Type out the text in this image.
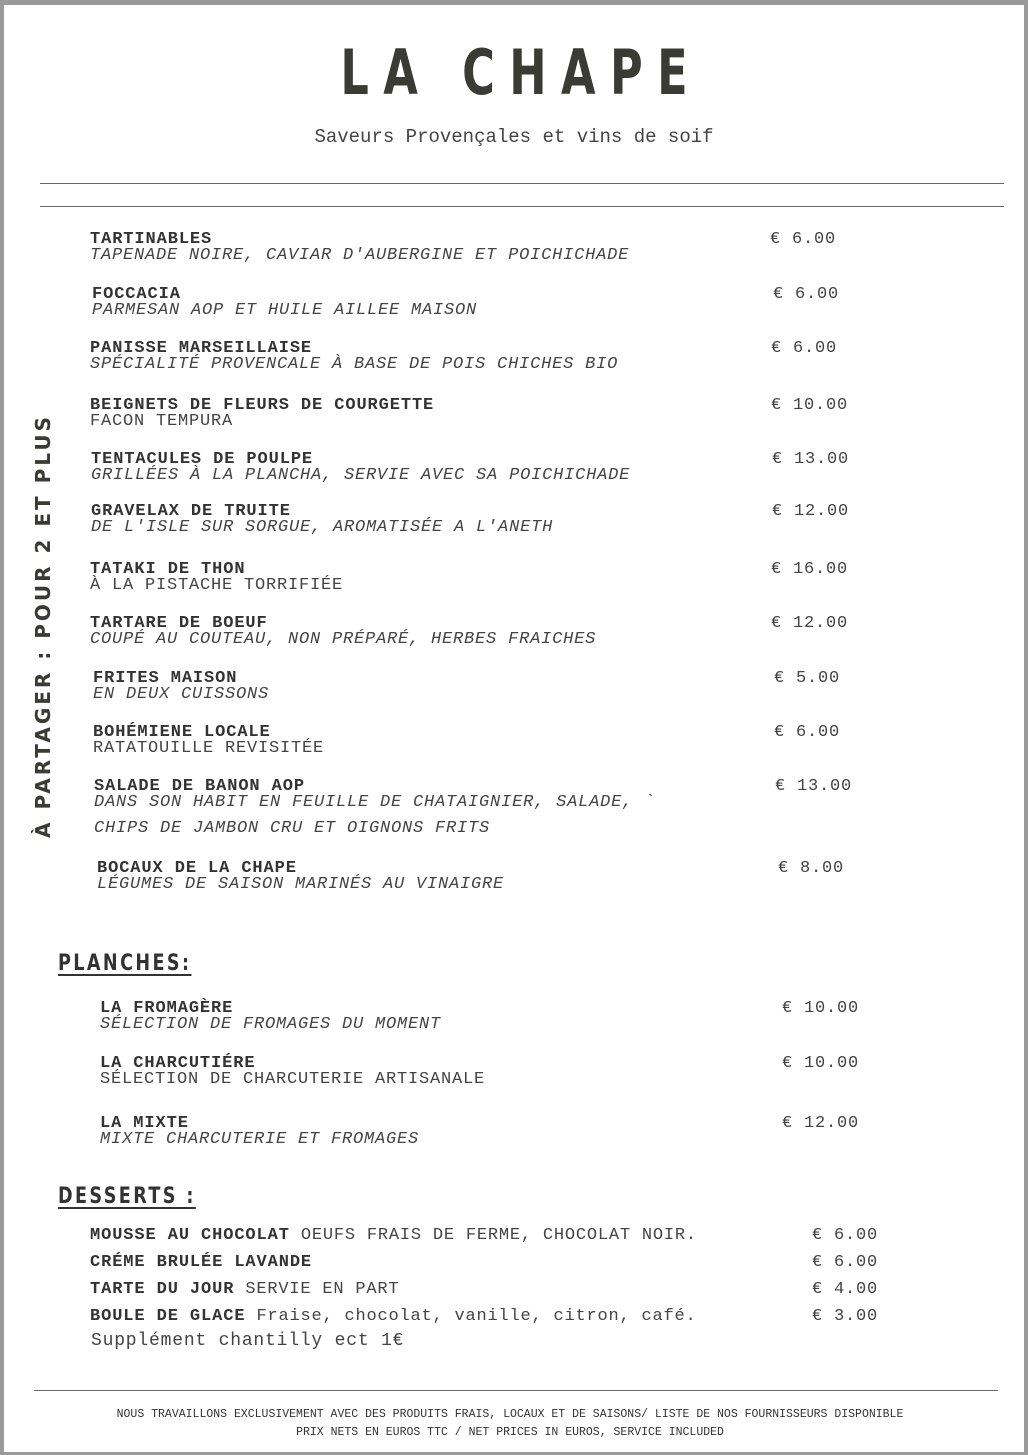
LA CHAPE
Saveurs Provençales et vins de soif
À PARTAGER : POUR 2 ET PLUS
TARTINABLES
TAPENADE NOIRE, CAVIAR D'AUBERGINE ET POICHICHADE
€ 6.00
FOCCACIA
PARMESAN AOP ET HUILE AILLEE MAISON
€ 6.00
PANISSE MARSEILLAISE
SPÉCIALITÉ PROVENCALE À BASE DE POIS CHICHES BIO
€ 6.00
BEIGNETS DE FLEURS DE COURGETTE
FACON TEMPURA
€ 10.00
TENTACULES DE POULPE
GRILLÉES À LA PLANCHA, SERVIE AVEC SA POICHICHADE
€ 13.00
GRAVELAX DE TRUITE
DE L'ISLE SUR SORGUE, AROMATISÉE A L'ANETH
€ 12.00
TATAKI DE THON
À LA PISTACHE TORRIFIÉE
€ 16.00
TARTARE DE BOEUF
COUPÉ AU COUTEAU, NON PRÉPARÉ, HERBES FRAICHES
€ 12.00
FRITES MAISON
EN DEUX CUISSONS
€ 5.00
BOHÉMIENE LOCALE
RATATOUILLE REVISITÉE
€ 6.00
SALADE DE BANON AOP
DANS SON HABIT EN FEUILLE DE CHATAIGNIER, SALADE, `
CHIPS DE JAMBON CRU ET OIGNONS FRITS
€ 13.00
BOCAUX DE LA CHAPE
LÉGUMES DE SAISON MARINÉS AU VINAIGRE
€ 8.00
PLANCHES:
LA FROMAGÈRE
SÉLECTION DE FROMAGES DU MOMENT
€ 10.00
LA CHARCUTIÉRE
SÉLECTION DE CHARCUTERIE ARTISANALE
€ 10.00
LA MIXTE
MIXTE CHARCUTERIE ET FROMAGES
€ 12.00
DESSERTS :
MOUSSE AU CHOCOLAT OEUFS FRAIS DE FERME, CHOCOLAT NOIR.	€ 6.00
CRÉME BRULÉE LAVANDE	€ 6.00
TARTE DU JOUR SERVIE EN PART	€ 4.00
BOULE DE GLACE Fraise, chocolat, vanille, citron, café.	€ 3.00
Supplément chantilly ect 1€
NOUS TRAVAILLONS EXCLUSIVEMENT AVEC DES PRODUITS FRAIS, LOCAUX ET DE SAISONS/ LISTE DE NOS FOURNISSEURS DISPONIBLE
PRIX NETS EN EUROS TTC / NET PRICES IN EUROS, SERVICE INCLUDED
